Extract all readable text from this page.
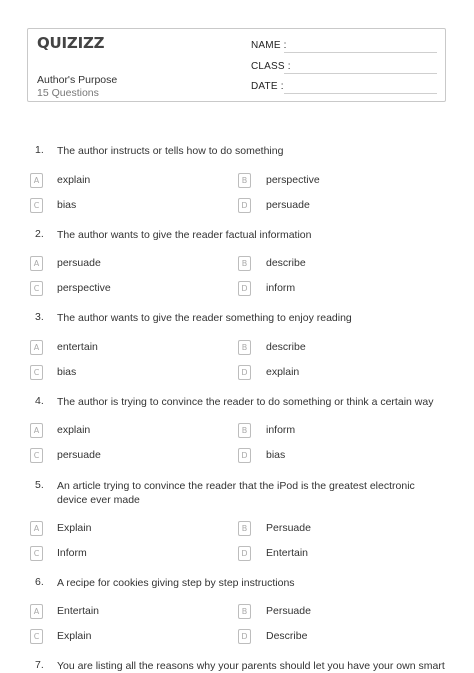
QUIZIZZ
Author's Purpose
15 Questions
NAME :
CLASS :
DATE :
1. The author instructs or tells how to do something
A	explain	B	perspective
C	bias	D	persuade
2. The author wants to give the reader factual information
A	persuade	B	describe
C	perspective	D	inform
3. The author wants to give the reader something to enjoy reading
A	entertain	B	describe
C	bias	D	explain
4. The author is trying to convince the reader to do something or think a certain way
A	explain	B	inform
C	persuade	D	bias
5. An article trying to convince the reader that the iPod is the greatest electronic device ever made
A	Explain	B	Persuade
C	Inform	D	Entertain
6. A recipe for cookies giving step by step instructions
A	Entertain	B	Persuade
C	Explain	D	Describe
7. You are listing all the reasons why your parents should let you have your own smart
